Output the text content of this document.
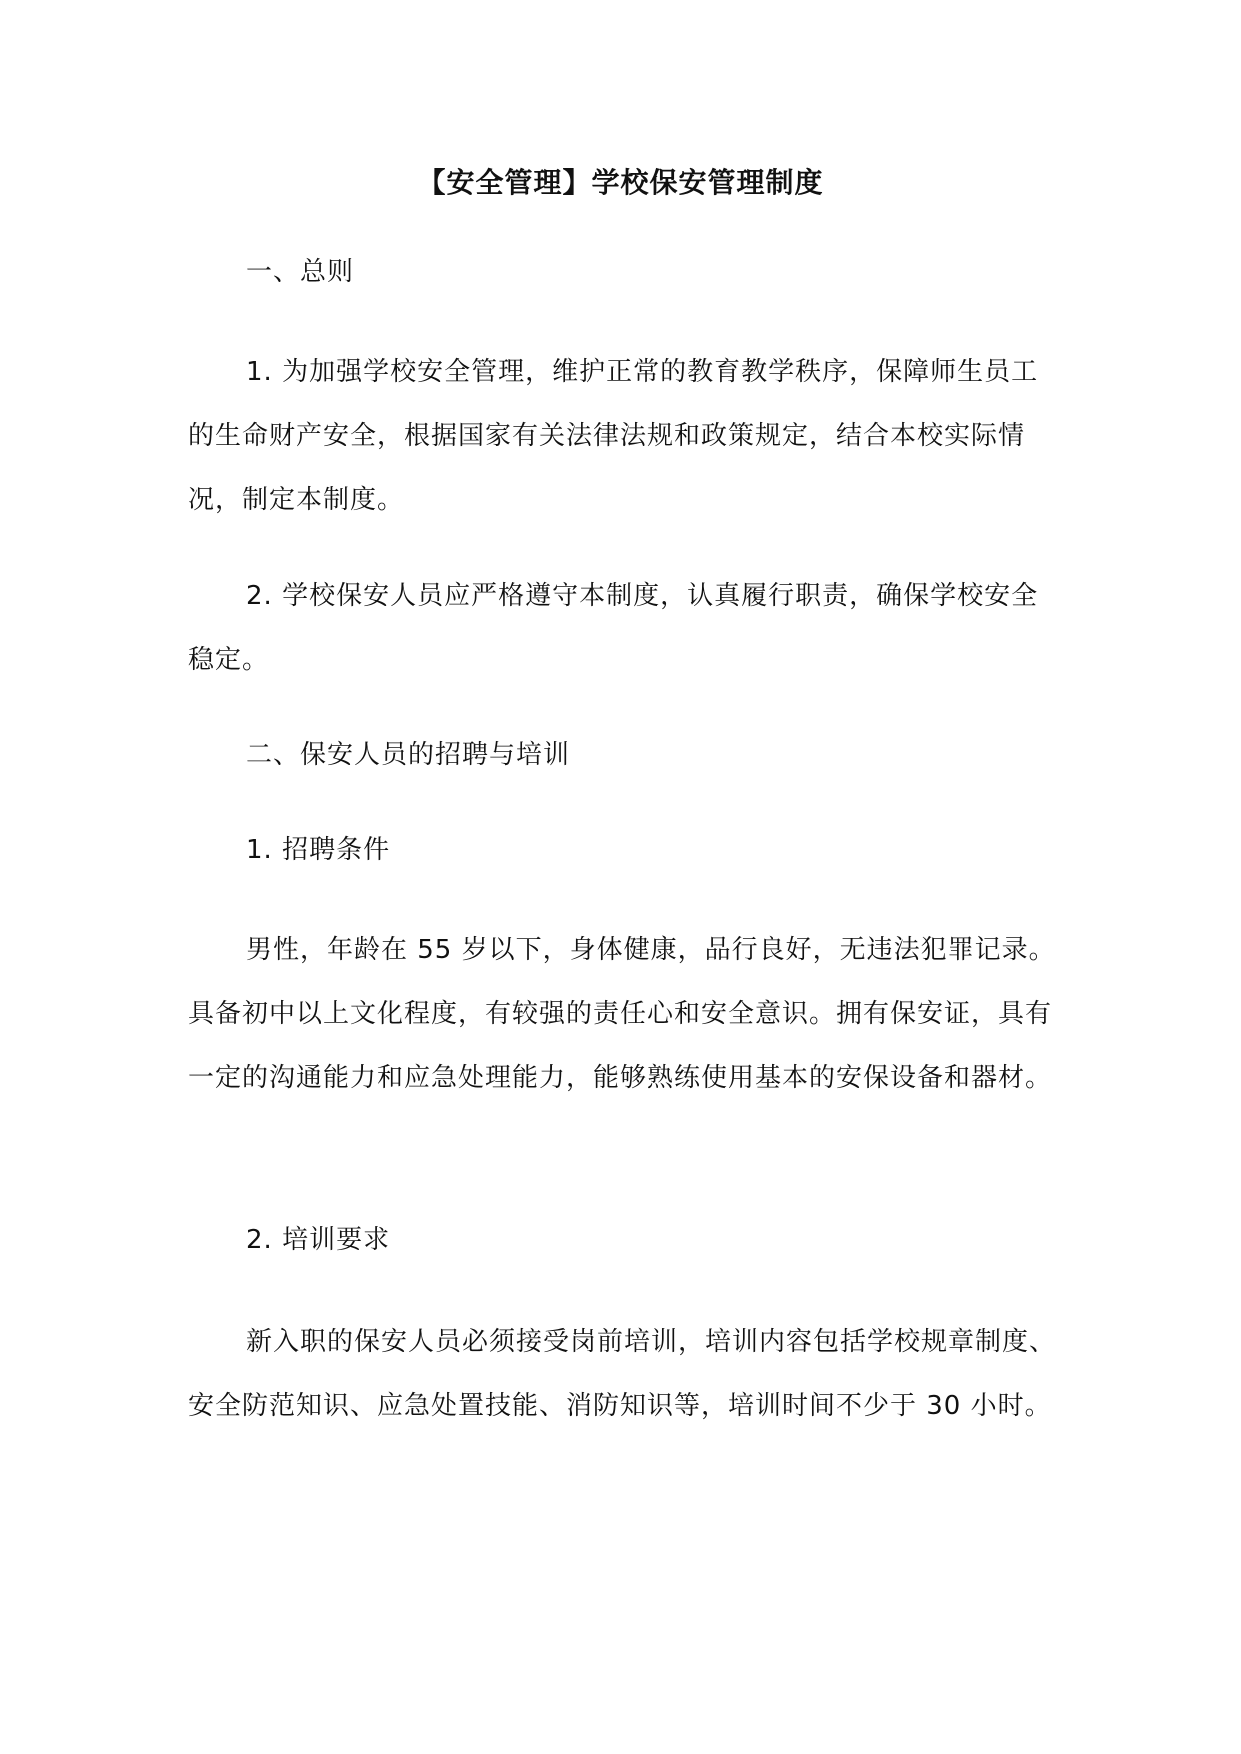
【安全管理】学校保安管理制度

一、总则

1. 为加强学校安全管理，维护正常的教育教学秩序，保障师生员工的生命财产安全，根据国家有关法律法规和政策规定，结合本校实际情况，制定本制度。

2. 学校保安人员应严格遵守本制度，认真履行职责，确保学校安全稳定。

二、保安人员的招聘与培训

1. 招聘条件

男性，年龄在 55 岁以下，身体健康，品行良好，无违法犯罪记录。具备初中以上文化程度，有较强的责任心和安全意识。拥有保安证，具有一定的沟通能力和应急处理能力，能够熟练使用基本的安保设备和器材。

2. 培训要求

新入职的保安人员必须接受岗前培训，培训内容包括学校规章制度、安全防范知识、应急处置技能、消防知识等，培训时间不少于 30 小时。
